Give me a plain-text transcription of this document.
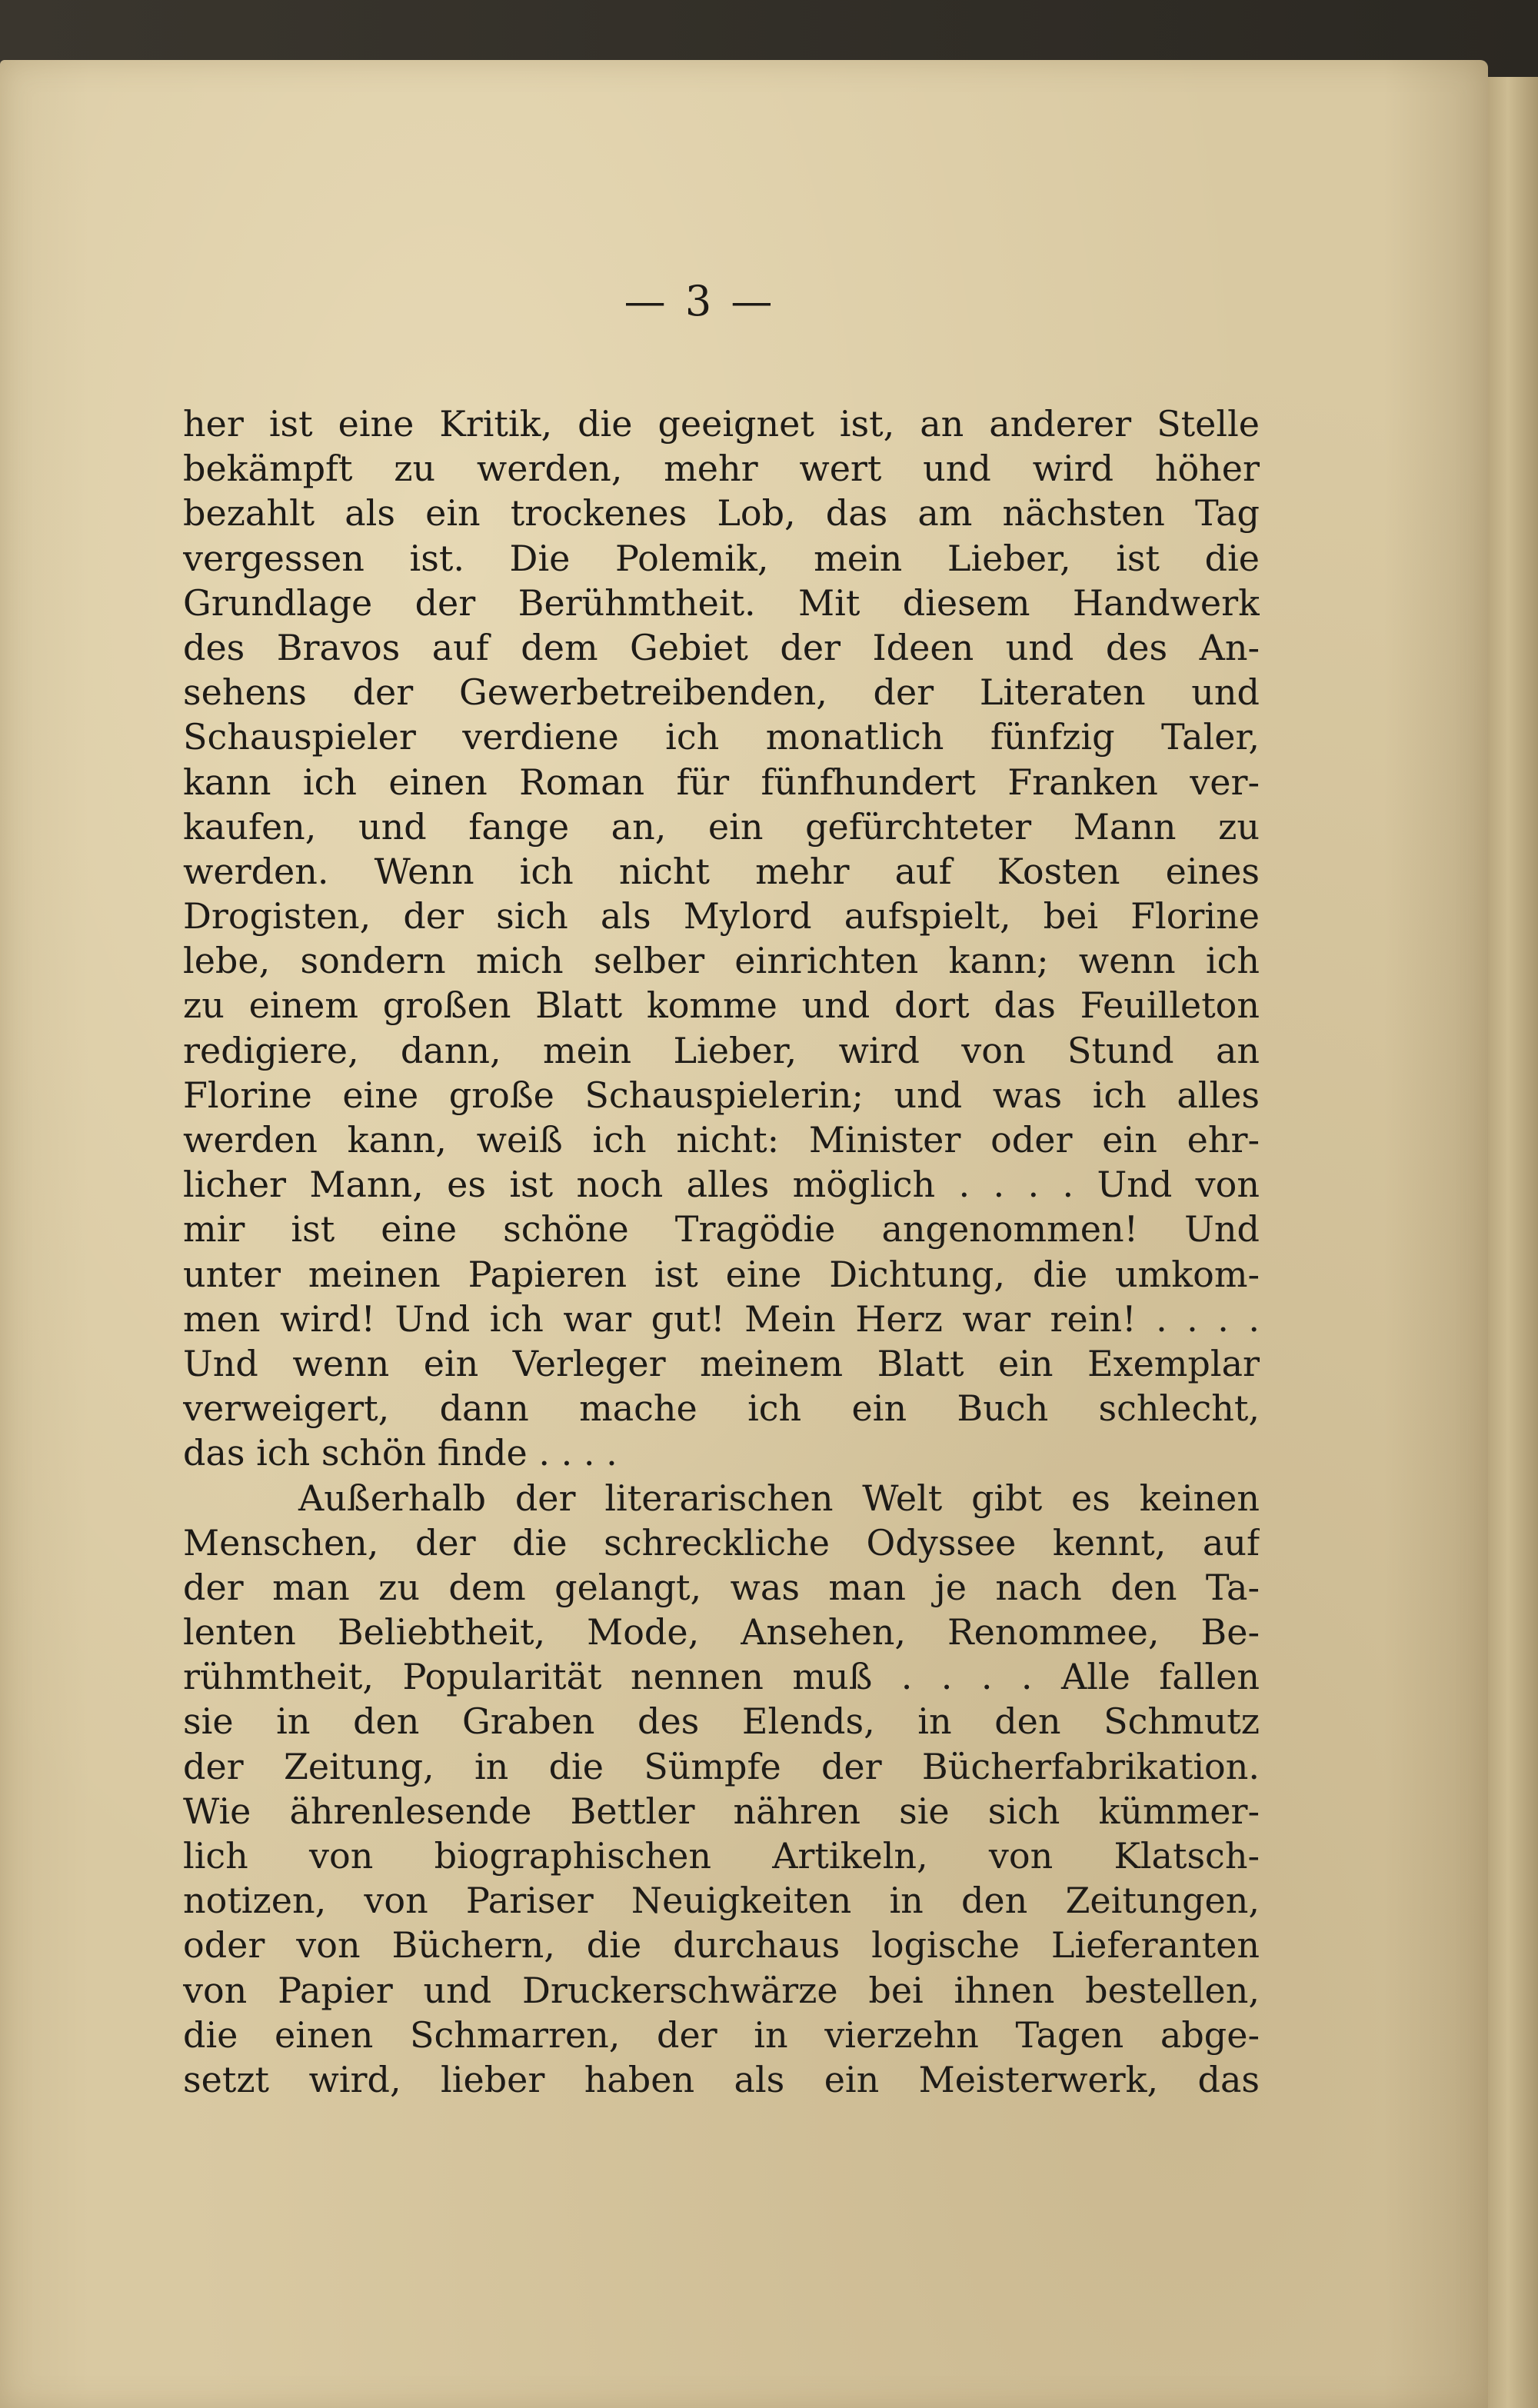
— 3 —
her ist eine Kritik, die geeignet ist, an anderer Stelle
bekämpft zu werden, mehr wert und wird höher
bezahlt als ein trockenes Lob, das am nächsten Tag
vergessen ist. Die Polemik, mein Lieber, ist die
Grundlage der Berühmtheit. Mit diesem Handwerk
des Bravos auf dem Gebiet der Ideen und des An-
sehens der Gewerbetreibenden, der Literaten und
Schauspieler verdiene ich monatlich fünfzig Taler,
kann ich einen Roman für fünfhundert Franken ver-
kaufen, und fange an, ein gefürchteter Mann zu
werden. Wenn ich nicht mehr auf Kosten eines
Drogisten, der sich als Mylord aufspielt, bei Florine
lebe, sondern mich selber einrichten kann; wenn ich
zu einem großen Blatt komme und dort das Feuilleton
redigiere, dann, mein Lieber, wird von Stund an
Florine eine große Schauspielerin; und was ich alles
werden kann, weiß ich nicht: Minister oder ein ehr-
licher Mann, es ist noch alles möglich . . . . Und von
mir ist eine schöne Tragödie angenommen! Und
unter meinen Papieren ist eine Dichtung, die umkom-
men wird! Und ich war gut! Mein Herz war rein! . . . .
Und wenn ein Verleger meinem Blatt ein Exemplar
verweigert, dann mache ich ein Buch schlecht,
das ich schön finde . . . .
Außerhalb der literarischen Welt gibt es keinen
Menschen, der die schreckliche Odyssee kennt, auf
der man zu dem gelangt, was man je nach den Ta-
lenten Beliebtheit, Mode, Ansehen, Renommee, Be-
rühmtheit, Popularität nennen muß . . . . Alle fallen
sie in den Graben des Elends, in den Schmutz
der Zeitung, in die Sümpfe der Bücherfabrikation.
Wie ährenlesende Bettler nähren sie sich kümmer-
lich von biographischen Artikeln, von Klatsch-
notizen, von Pariser Neuigkeiten in den Zeitungen,
oder von Büchern, die durchaus logische Lieferanten
von Papier und Druckerschwärze bei ihnen bestellen,
die einen Schmarren, der in vierzehn Tagen abge-
setzt wird, lieber haben als ein Meisterwerk, das
